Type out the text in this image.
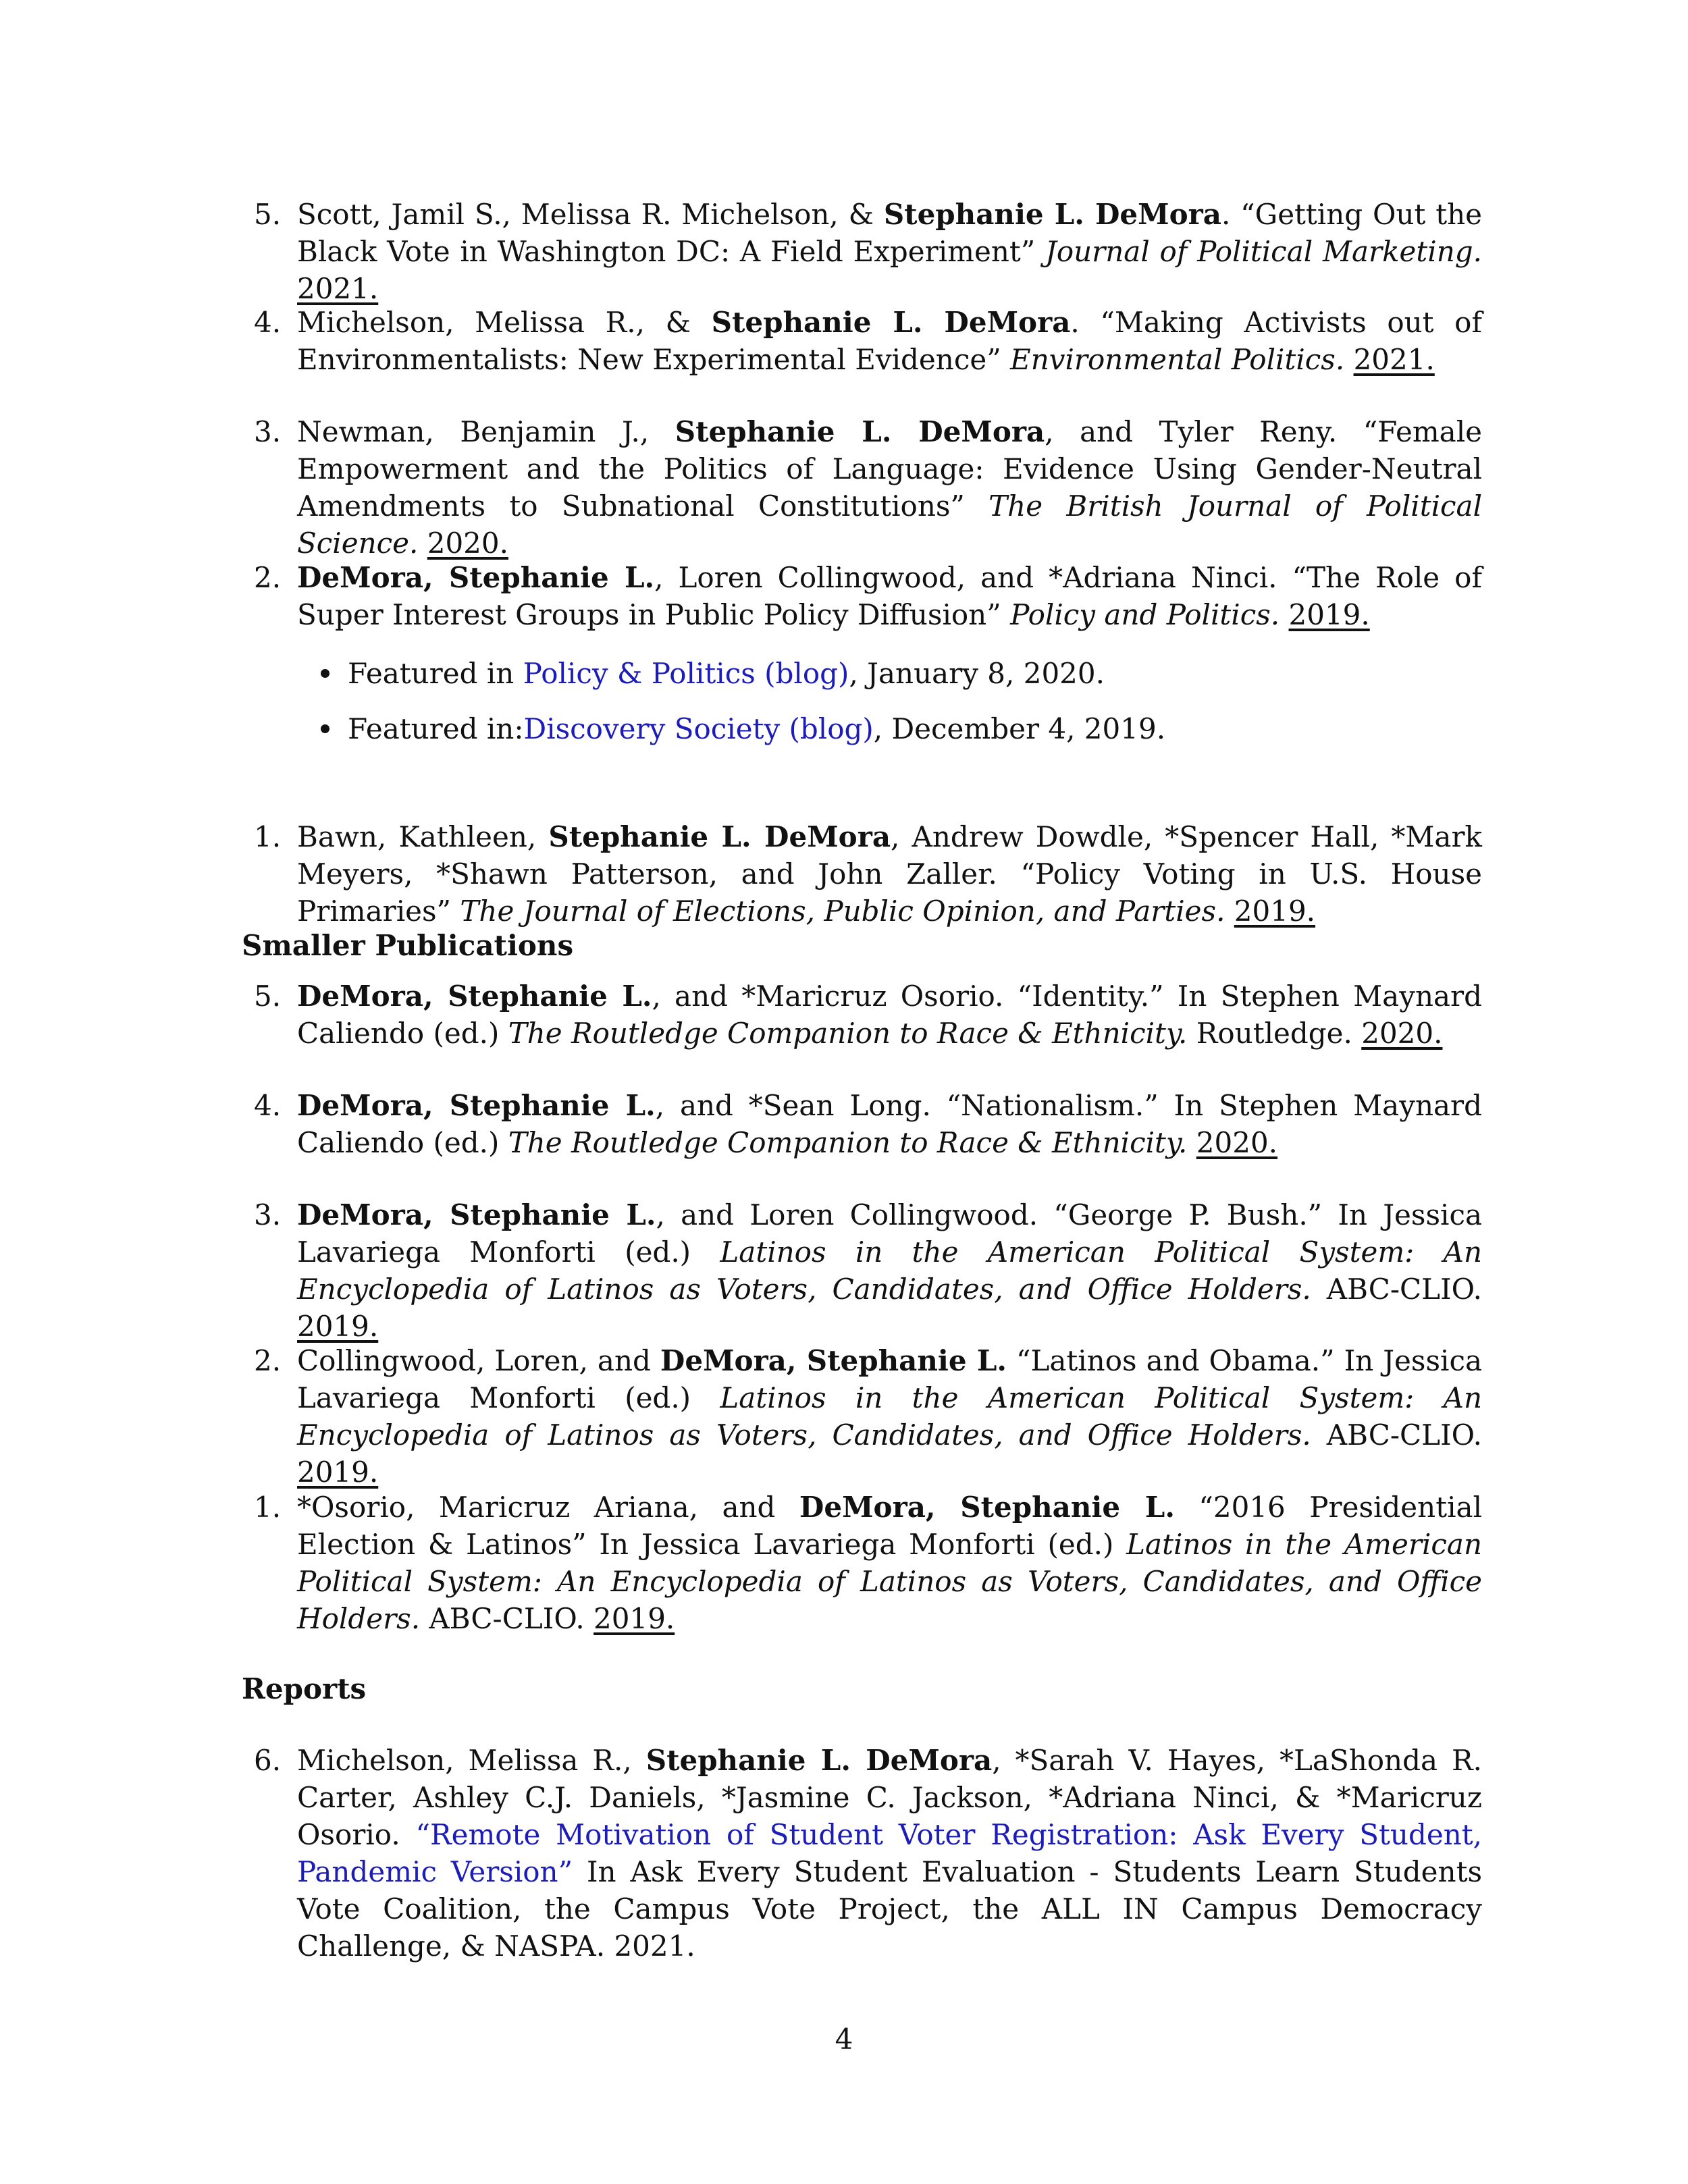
5. Scott, Jamil S., Melissa R. Michelson, & Stephanie L. DeMora. “Getting Out the Black Vote in Washington DC: A Field Experiment” Journal of Political Marketing. 2021.
4. Michelson, Melissa R., & Stephanie L. DeMora. “Making Activists out of Environmentalists: New Experimental Evidence” Environmental Politics. 2021.
3. Newman, Benjamin J., Stephanie L. DeMora, and Tyler Reny. “Female Empowerment and the Politics of Language: Evidence Using Gender-Neutral Amendments to Subnational Constitutions” The British Journal of Political Science. 2020.
2. DeMora, Stephanie L., Loren Collingwood, and *Adriana Ninci. “The Role of Super Interest Groups in Public Policy Diffusion” Policy and Politics. 2019.
Featured in Policy & Politics (blog), January 8, 2020.
Featured in:Discovery Society (blog), December 4, 2019.
1. Bawn, Kathleen, Stephanie L. DeMora, Andrew Dowdle, *Spencer Hall, *Mark Meyers, *Shawn Patterson, and John Zaller. “Policy Voting in U.S. House Primaries” The Journal of Elections, Public Opinion, and Parties. 2019.
Smaller Publications
5. DeMora, Stephanie L., and *Maricruz Osorio. “Identity.” In Stephen Maynard Caliendo (ed.) The Routledge Companion to Race & Ethnicity. Routledge. 2020.
4. DeMora, Stephanie L., and *Sean Long. “Nationalism.” In Stephen Maynard Caliendo (ed.) The Routledge Companion to Race & Ethnicity. 2020.
3. DeMora, Stephanie L., and Loren Collingwood. “George P. Bush.” In Jessica Lavariega Monforti (ed.) Latinos in the American Political System: An Encyclopedia of Latinos as Voters, Candidates, and Office Holders. ABC-CLIO. 2019.
2. Collingwood, Loren, and DeMora, Stephanie L. “Latinos and Obama.” In Jessica Lavariega Monforti (ed.) Latinos in the American Political System: An Encyclopedia of Latinos as Voters, Candidates, and Office Holders. ABC-CLIO. 2019.
1. *Osorio, Maricruz Ariana, and DeMora, Stephanie L. “2016 Presidential Election & Latinos” In Jessica Lavariega Monforti (ed.) Latinos in the American Political System: An Encyclopedia of Latinos as Voters, Candidates, and Office Holders. ABC-CLIO. 2019.
Reports
6. Michelson, Melissa R., Stephanie L. DeMora, *Sarah V. Hayes, *LaShonda R. Carter, Ashley C.J. Daniels, *Jasmine C. Jackson, *Adriana Ninci, & *Maricruz Osorio. “Remote Motivation of Student Voter Registration: Ask Every Student, Pandemic Version” In Ask Every Student Evaluation - Students Learn Students Vote Coalition, the Campus Vote Project, the ALL IN Campus Democracy Challenge, & NASPA. 2021.
4
